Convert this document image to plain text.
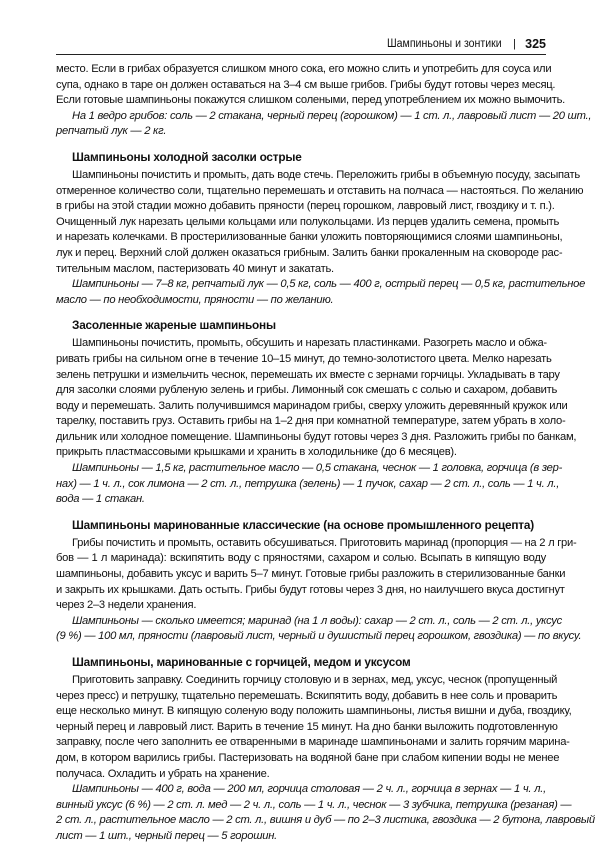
Шампиньоны и зонтики | 325
место. Если в грибах образуется слишком много сока, его можно слить и употребить для соуса или
супа, однако в таре он должен оставаться на 3–4 см выше грибов. Грибы будут готовы через месяц.
Если готовые шампиньоны покажутся слишком солеными, перед употреблением их можно вымочить.
На 1 ведро грибов: соль — 2 стакана, черный перец (горошком) — 1 ст. л., лавровый лист — 20 шт.,
репчатый лук — 2 кг.
Шампиньоны холодной засолки острые
Шампиньоны почистить и промыть, дать воде стечь. Переложить грибы в объемную посуду, засыпать
отмеренное количество соли, тщательно перемешать и отставить на полчаса — настояться. По желанию
в грибы на этой стадии можно добавить пряности (перец горошком, лавровый лист, гвоздику и т. п.).
Очищенный лук нарезать целыми кольцами или полукольцами. Из перцев удалить семена, промыть
и нарезать колечками. В простерилизованные банки уложить повторяющимися слоями шампиньоны,
лук и перец. Верхний слой должен оказаться грибным. Залить банки прокаленным на сковороде рас-
тительным маслом, пастеризовать 40 минут и закатать.
Шампиньоны — 7–8 кг, репчатый лук — 0,5 кг, соль — 400 г, острый перец — 0,5 кг, растительное
масло — по необходимости, пряности — по желанию.
Засоленные жареные шампиньоны
Шампиньоны почистить, промыть, обсушить и нарезать пластинками. Разогреть масло и обжа-
ривать грибы на сильном огне в течение 10–15 минут, до темно-золотистого цвета. Мелко нарезать
зелень петрушки и измельчить чеснок, перемешать их вместе с зернами горчицы. Укладывать в тару
для засолки слоями рубленую зелень и грибы. Лимонный сок смешать с солью и сахаром, добавить
воду и перемешать. Залить получившимся маринадом грибы, сверху уложить деревянный кружок или
тарелку, поставить груз. Оставить грибы на 1–2 дня при комнатной температуре, затем убрать в холо-
дильник или холодное помещение. Шампиньоны будут готовы через 3 дня. Разложить грибы по банкам,
прикрыть пластмассовыми крышками и хранить в холодильнике (до 6 месяцев).
Шампиньоны — 1,5 кг, растительное масло — 0,5 стакана, чеснок — 1 головка, горчица (в зер-
нах) — 1 ч. л., сок лимона — 2 ст. л., петрушка (зелень) — 1 пучок, сахар — 2 ст. л., соль — 1 ч. л.,
вода — 1 стакан.
Шампиньоны маринованные классические (на основе промышленного рецепта)
Грибы почистить и промыть, оставить обсушиваться. Приготовить маринад (пропорция — на 2 л гри-
бов — 1 л маринада): вскипятить воду с пряностями, сахаром и солью. Всыпать в кипящую воду
шампиньоны, добавить уксус и варить 5–7 минут. Готовые грибы разложить в стерилизованные банки
и закрыть их крышками. Дать остыть. Грибы будут готовы через 3 дня, но наилучшего вкуса достигнут
через 2–3 недели хранения.
Шампиньоны — сколько имеется; маринад (на 1 л воды): сахар — 2 ст. л., соль — 2 ст. л., уксус
(9 %) — 100 мл, пряности (лавровый лист, черный и душистый перец горошком, гвоздика) — по вкусу.
Шампиньоны, маринованные с горчицей, медом и уксусом
Приготовить заправку. Соединить горчицу столовую и в зернах, мед, уксус, чеснок (пропущенный
через пресс) и петрушку, тщательно перемешать. Вскипятить воду, добавить в нее соль и проварить
еще несколько минут. В кипящую соленую воду положить шампиньоны, листья вишни и дуба, гвоздику,
черный перец и лавровый лист. Варить в течение 15 минут. На дно банки выложить подготовленную
заправку, после чего заполнить ее отваренными в маринаде шампиньонами и залить горячим марина-
дом, в котором варились грибы. Пастеризовать на водяной бане при слабом кипении воды не менее
получаса. Охладить и убрать на хранение.
Шампиньоны — 400 г, вода — 200 мл, горчица столовая — 2 ч. л., горчица в зернах — 1 ч. л.,
винный уксус (6 %) — 2 ст. л. мед — 2 ч. л., соль — 1 ч. л., чеснок — 3 зубчика, петрушка (резаная) —
2 ст. л., растительное масло — 2 ст. л., вишня и дуб — по 2–3 листика, гвоздика — 2 бутона, лавровый
лист — 1 шт., черный перец — 5 горошин.
